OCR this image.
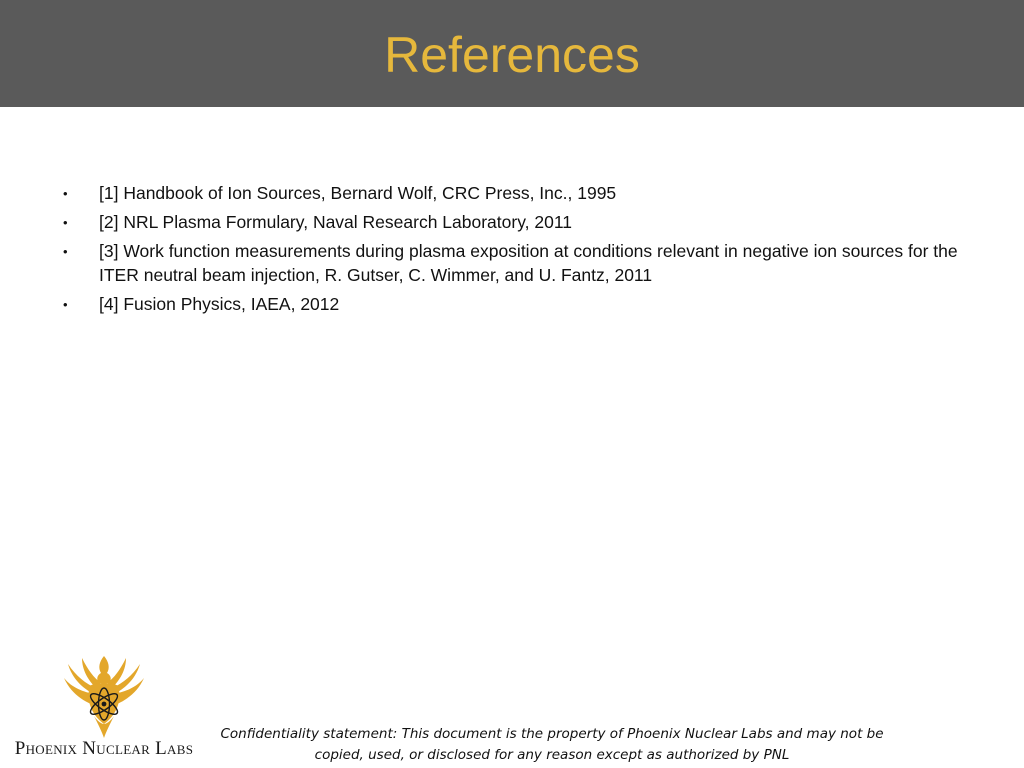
References
• [1] Handbook of Ion Sources, Bernard Wolf, CRC Press, Inc., 1995
• [2] NRL Plasma Formulary, Naval Research Laboratory, 2011
• [3] Work function measurements during plasma exposition at conditions relevant in negative ion sources for the ITER neutral beam injection, R. Gutser, C. Wimmer, and U. Fantz, 2011
• [4] Fusion Physics, IAEA, 2012
Phoenix Nuclear Labs
Confidentiality statement: This document is the property of Phoenix Nuclear Labs and may not be copied, used, or disclosed for any reason except as authorized by PNL
